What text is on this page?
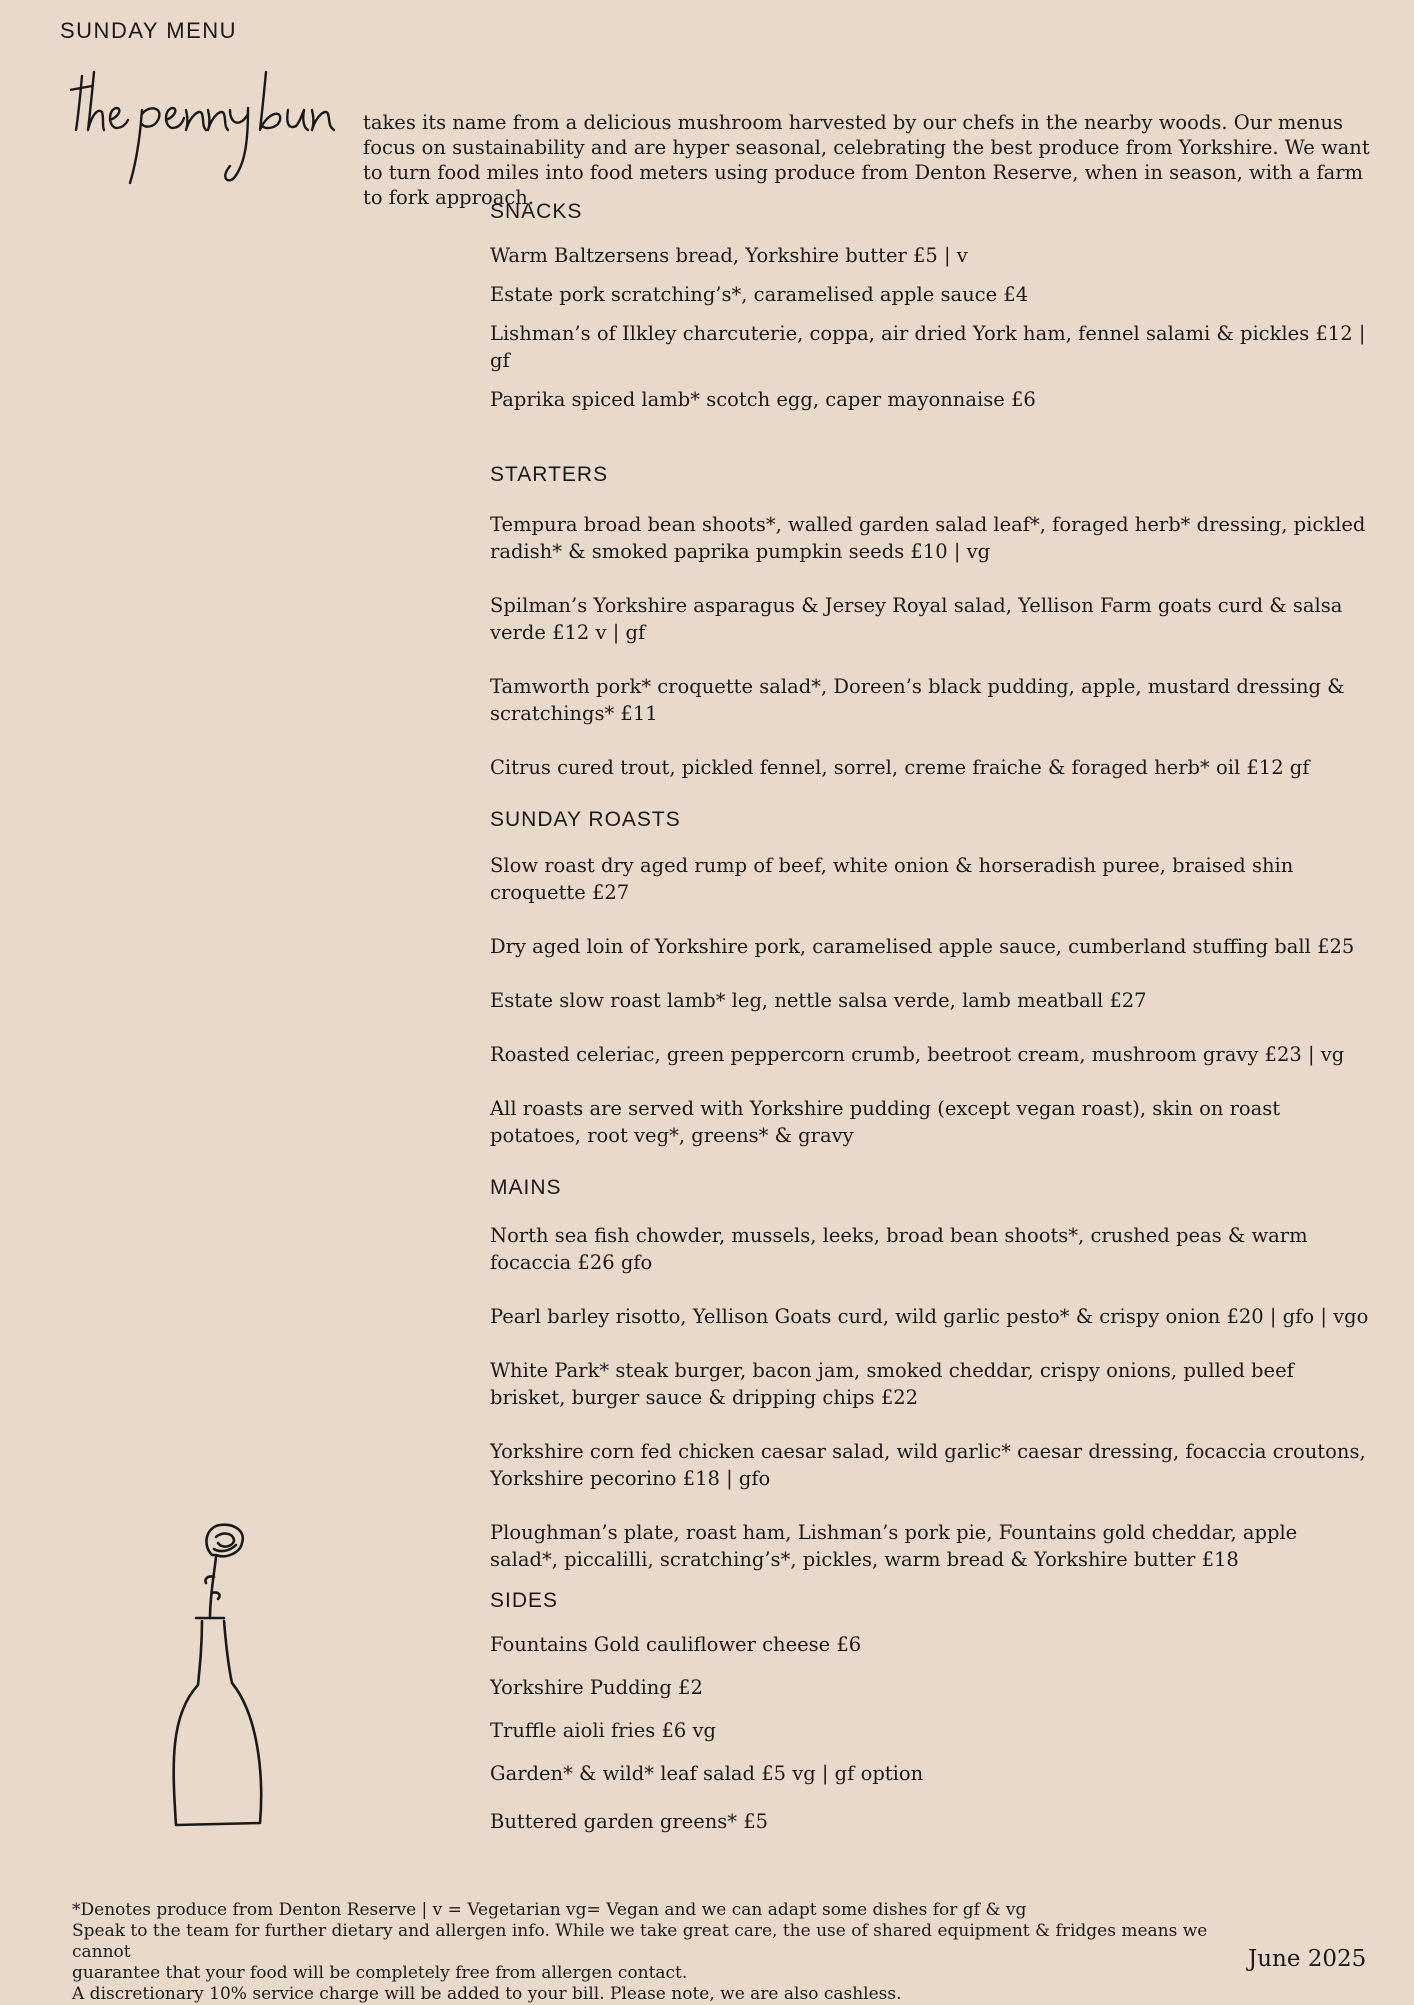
SUNDAY MENU

takes its name from a delicious mushroom harvested by our chefs in the nearby woods. Our menus focus on sustainability and are hyper seasonal, celebrating the best produce from Yorkshire. We want to turn food miles into food meters using produce from Denton Reserve, when in season, with a farm to fork approach.

SNACKS

Warm Baltzersens bread, Yorkshire butter £5 | v

Estate pork scratching’s*, caramelised apple sauce £4

Lishman’s of Ilkley charcuterie, coppa, air dried York ham, fennel salami & pickles £12 | gf

Paprika spiced lamb* scotch egg, caper mayonnaise £6

STARTERS

Tempura broad bean shoots*, walled garden salad leaf*, foraged herb* dressing, pickled radish* & smoked paprika pumpkin seeds £10 | vg

Spilman’s Yorkshire asparagus & Jersey Royal salad, Yellison Farm goats curd & salsa verde £12 v | gf

Tamworth pork* croquette salad*, Doreen’s black pudding, apple, mustard dressing & scratchings* £11

Citrus cured trout, pickled fennel, sorrel, creme fraiche & foraged herb* oil £12 gf

SUNDAY ROASTS

Slow roast dry aged rump of beef, white onion & horseradish puree, braised shin croquette £27

Dry aged loin of Yorkshire pork, caramelised apple sauce, cumberland stuffing ball £25

Estate slow roast lamb* leg, nettle salsa verde, lamb meatball £27

Roasted celeriac, green peppercorn crumb, beetroot cream, mushroom gravy £23 | vg

All roasts are served with Yorkshire pudding (except vegan roast), skin on roast potatoes, root veg*, greens* & gravy

MAINS

North sea fish chowder, mussels, leeks, broad bean shoots*, crushed peas & warm focaccia £26 gfo

Pearl barley risotto, Yellison Goats curd, wild garlic pesto* & crispy onion £20 | gfo | vgo

White Park* steak burger, bacon jam, smoked cheddar, crispy onions, pulled beef brisket, burger sauce & dripping chips £22

Yorkshire corn fed chicken caesar salad, wild garlic* caesar dressing, focaccia croutons, Yorkshire pecorino £18 | gfo

Ploughman’s plate, roast ham, Lishman’s pork pie, Fountains gold cheddar, apple salad*, piccalilli, scratching’s*, pickles, warm bread & Yorkshire butter £18

SIDES

Fountains Gold cauliflower cheese £6

Yorkshire Pudding £2

Truffle aioli fries £6 vg

Garden* & wild* leaf salad £5 vg | gf option

Buttered garden greens* £5

*Denotes produce from Denton Reserve | v = Vegetarian vg= Vegan and we can adapt some dishes for gf & vg

Speak to the team for further dietary and allergen info. While we take great care, the use of shared equipment & fridges means we cannot

guarantee that your food will be completely free from allergen contact.

A discretionary 10% service charge will be added to your bill. Please note, we are also cashless.

June 2025
